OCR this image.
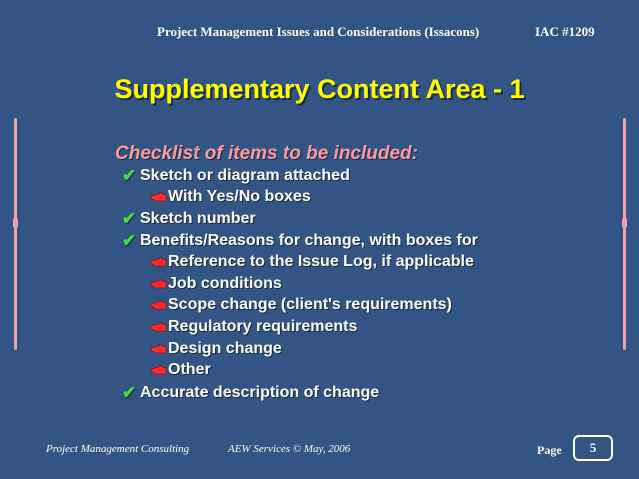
Project Management Issues and Considerations (Issacons)	IAC #1209
Supplementary Content Area - 1
Checklist of items to be included:
✔ Sketch or diagram attached
With Yes/No boxes
✔ Sketch number
✔ Benefits/Reasons for change, with boxes for
Reference to the Issue Log, if applicable
Job conditions
Scope change (client's requirements)
Regulatory requirements
Design change
Other
✔ Accurate description of change
Project Management Consulting	AEW Services © May, 2006	Page	5
